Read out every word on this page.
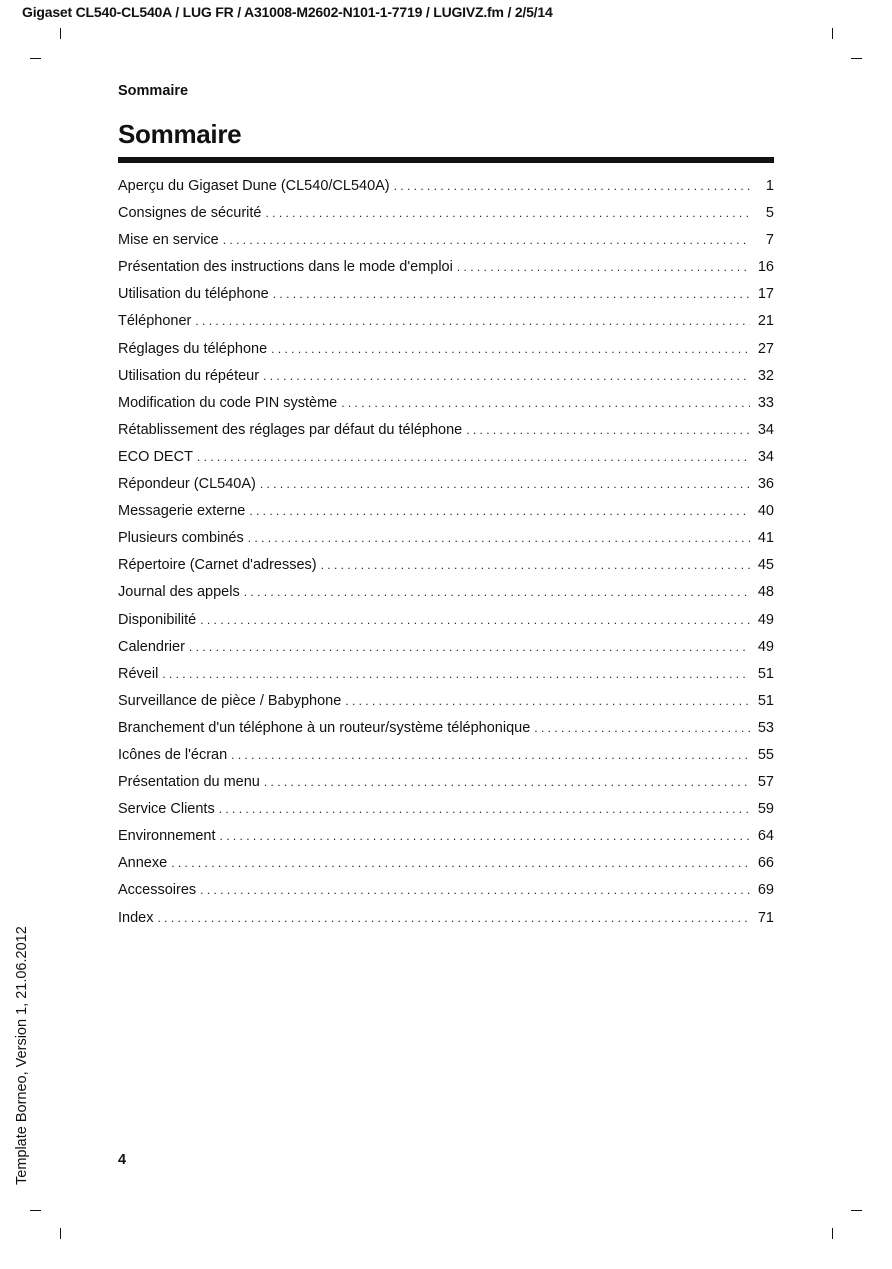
Gigaset CL540-CL540A / LUG FR / A31008-M2602-N101-1-7719 / LUGIVZ.fm / 2/5/14
Template Borneo, Version 1, 21.06.2012
Sommaire
Sommaire
Aperçu du Gigaset Dune (CL540/CL540A) . . .	1
Consignes de sécurité . . .	5
Mise en service . . .	7
Présentation des instructions dans le mode d'emploi . . .	16
Utilisation du téléphone . . .	17
Téléphoner . . .	21
Réglages du téléphone . . .	27
Utilisation du répéteur . . .	32
Modification du code PIN système . . .	33
Rétablissement des réglages par défaut du téléphone . . .	34
ECO DECT . . .	34
Répondeur (CL540A) . . .	36
Messagerie externe . . .	40
Plusieurs combinés . . .	41
Répertoire (Carnet d'adresses) . . .	45
Journal des appels . . .	48
Disponibilité . . .	49
Calendrier . . .	49
Réveil . . .	51
Surveillance de pièce / Babyphone . . .	51
Branchement d'un téléphone à un routeur/système téléphonique . . .	53
Icônes de l'écran . . .	55
Présentation du menu . . .	57
Service Clients . . .	59
Environnement . . .	64
Annexe . . .	66
Accessoires . . .	69
Index . . .	71
4
